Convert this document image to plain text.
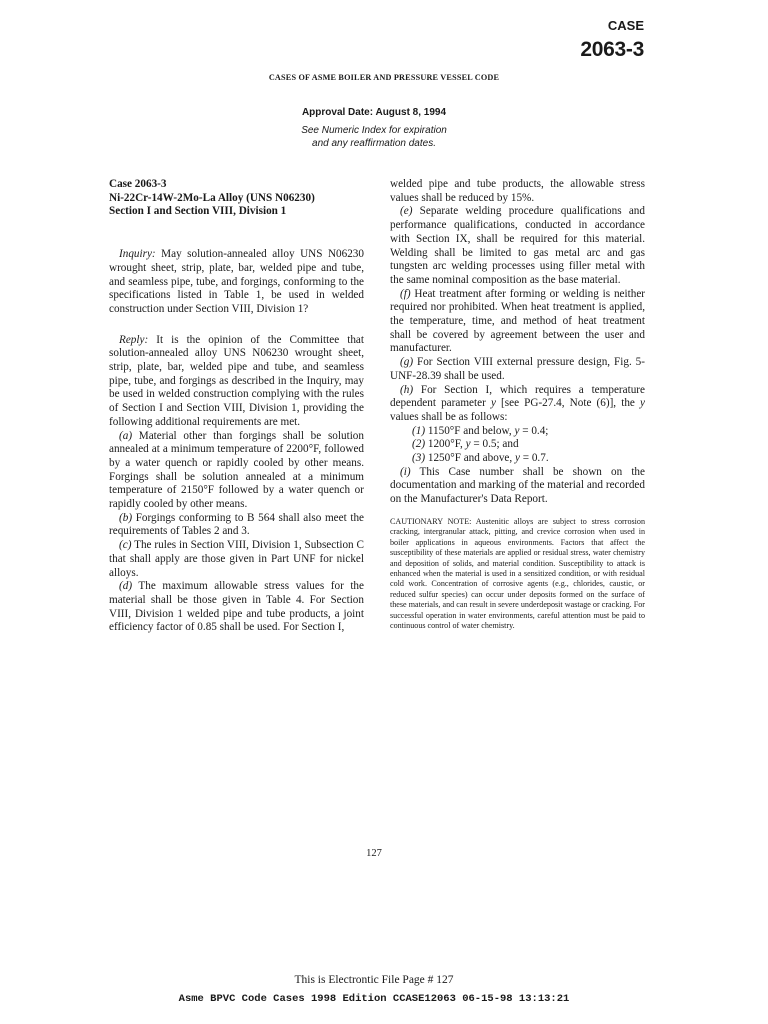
CASE
2063-3
CASES OF ASME BOILER AND PRESSURE VESSEL CODE
Approval Date: August 8, 1994
See Numeric Index for expiration
and any reaffirmation dates.

Case 2063-3

Ni-22Cr-14W-2Mo-La Alloy (UNS N06230)

Section I and Section VIII, Division 1

Inquiry: May solution-annealed alloy UNS N06230 wrought sheet, strip, plate, bar, welded pipe and tube, and seamless pipe, tube, and forgings, conforming to the specifications listed in Table 1, be used in welded construction under Section VIII, Division 1?

Reply: It is the opinion of the Committee that solution-annealed alloy UNS N06230 wrought sheet, strip, plate, bar, welded pipe and tube, and seamless pipe, tube, and forgings as described in the Inquiry, may be used in welded construction complying with the rules of Section I and Section VIII, Division 1, providing the following additional requirements are met.

(a) Material other than forgings shall be solution annealed at a minimum temperature of 2200°F, followed by a water quench or rapidly cooled by other means. Forgings shall be solution annealed at a minimum temperature of 2150°F followed by a water quench or rapidly cooled by other means.

(b) Forgings conforming to B 564 shall also meet the requirements of Tables 2 and 3.

(c) The rules in Section VIII, Division 1, Subsection C that shall apply are those given in Part UNF for nickel alloys.

(d) The maximum allowable stress values for the material shall be those given in Table 4. For Section VIII, Division 1 welded pipe and tube products, a joint efficiency factor of 0.85 shall be used. For Section I,

welded pipe and tube products, the allowable stress values shall be reduced by 15%.

(e) Separate welding procedure qualifications and performance qualifications, conducted in accordance with Section IX, shall be required for this material. Welding shall be limited to gas metal arc and gas tungsten arc welding processes using filler metal with the same nominal composition as the base material.

(f) Heat treatment after forming or welding is neither required nor prohibited. When heat treatment is applied, the temperature, time, and method of heat treatment shall be covered by agreement between the user and manufacturer.

(g) For Section VIII external pressure design, Fig. 5-UNF-28.39 shall be used.

(h) For Section I, which requires a temperature dependent parameter y [see PG-27.4, Note (6)], the y values shall be as follows:

(1) 1150°F and below, y = 0.4;

(2) 1200°F, y = 0.5; and

(3) 1250°F and above, y = 0.7.

(i) This Case number shall be shown on the documentation and marking of the material and recorded on the Manufacturer's Data Report.

CAUTIONARY NOTE: Austenitic alloys are subject to stress corrosion cracking, intergranular attack, pitting, and crevice corrosion when used in boiler applications in aqueous environments. Factors that affect the susceptibility of these materials are applied or residual stress, water chemistry and deposition of solids, and material condition. Susceptibility to attack is enhanced when the material is used in a sensitized condition, or with residual cold work. Concentration of corrosive agents (e.g., chlorides, caustic, or reduced sulfur species) can occur under deposits formed on the surface of these materials, and can result in severe underdeposit wastage or cracking. For successful operation in water environments, careful attention must be paid to continuous control of water chemistry.

127
This is Electrontic File Page # 127
Asme BPVC Code Cases 1998 Edition CCASE12063 06-15-98 13:13:21
